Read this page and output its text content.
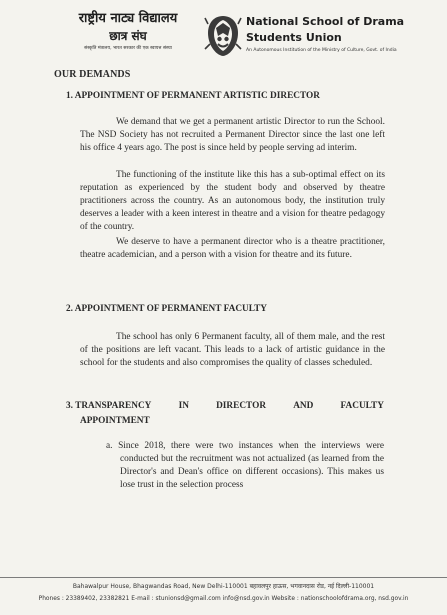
राष्ट्रीय नाट्य विद्यालय
छात्र संघ
संस्कृति मंत्रालय, भारत सरकार की एक स्वायत्त संस्था
National School of Drama
Students Union
An Autonomous Institution of the Ministry of Culture, Govt. of India
OUR DEMANDS
1. APPOINTMENT OF PERMANENT ARTISTIC DIRECTOR

We demand that we get a permanent artistic Director to run the School. The NSD Society has not recruited a Permanent Director since the last one left his office 4 years ago. The post is since held by people serving ad interim.

The functioning of the institute like this has a sub-optimal effect on its reputation as experienced by the student body and observed by theatre practitioners across the country. As an autonomous body, the institution truly deserves a leader with a keen interest in theatre and a vision for theatre pedagogy of the country.

We deserve to have a permanent director who is a theatre practitioner, theatre academician, and a person with a vision for theatre and its future.

2. APPOINTMENT OF PERMANENT FACULTY

The school has only 6 Permanent faculty, all of them male, and the rest of the positions are left vacant. This leads to a lack of artistic guidance in the school for the students and also compromises the quality of classes scheduled.

3. TRANSPARENCY	IN	DIRECTOR	AND	FACULTY
APPOINTMENT

a. Since 2018, there were two instances when the interviews were conducted but the recruitment was not actualized (as learned from the Director's and Dean's office on different occasions). This makes us lose trust in the selection process

Bahawalpur House, Bhagwandas Road, New Delhi-110001 बहावलपुर हाऊस, भगवानदास रोड, नई दिल्ली-110001
Phones : 23389402, 23382821 E-mail : stunionsd@gmail.com info@nsd.gov.in Website : nationschoolofdrama.org, nsd.gov.in
